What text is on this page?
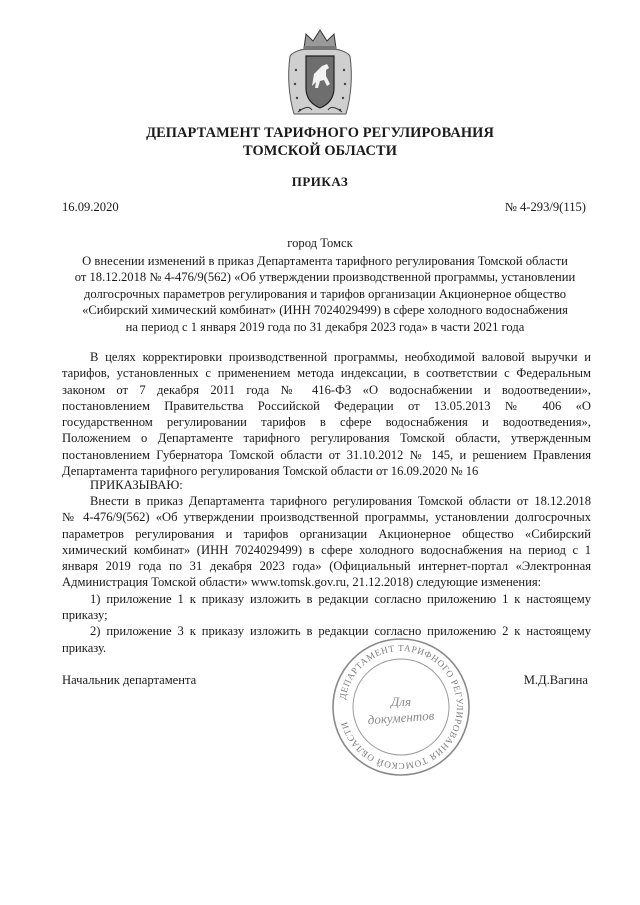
ДЕПАРТАМЕНТ ТАРИФНОГО РЕГУЛИРОВАНИЯ
ТОМСКОЙ ОБЛАСТИ
ПРИКАЗ
16.09.2020	№ 4-293/9(115)
город Томск
О внесении изменений в приказ Департамента тарифного регулирования Томской области
от 18.12.2018 № 4-476/9(562) «Об утверждении производственной программы, установлении
долгосрочных параметров регулирования и тарифов организации Акционерное общество
«Сибирский химический комбинат» (ИНН 7024029499) в сфере холодного водоснабжения
на период с 1 января 2019 года по 31 декабря 2023 года» в части 2021 года
В целях корректировки производственной программы, необходимой валовой выручки и
тарифов, установленных с применением метода индексации, в соответствии с Федеральным
законом от 7 декабря 2011 года № 416-ФЗ «О водоснабжении и водоотведении»,
постановлением Правительства Российской Федерации от 13.05.2013 № 406 «О
государственном регулировании тарифов в сфере водоснабжения и водоотведения»,
Положением о Департаменте тарифного регулирования Томской области, утвержденным
постановлением Губернатора Томской области от 31.10.2012 № 145, и решением Правления
Департамента тарифного регулирования Томской области от 16.09.2020 № 16
ПРИКАЗЫВАЮ:
Внести в приказ Департамента тарифного регулирования Томской области от 18.12.2018
№ 4-476/9(562) «Об утверждении производственной программы, установлении долгосрочных
параметров регулирования и тарифов организации Акционерное общество «Сибирский
химический комбинат» (ИНН 7024029499) в сфере холодного водоснабжения на период с 1
января 2019 года по 31 декабря 2023 года» (Официальный интернет-портал «Электронная
Администрация Томской области» www.tomsk.gov.ru, 21.12.2018) следующие изменения:
1) приложение 1 к приказу изложить в редакции согласно приложению 1 к настоящему
приказу;
2) приложение 3 к приказу изложить в редакции согласно приложению 2 к настоящему
приказу.
Начальник департамента	М.Д.Вагина
ДЕПАРТАМЕНТ ТАРИФНОГО РЕГУЛИРОВАНИЯ ТОМСКОЙ ОБЛАСТИ
Для
документов
